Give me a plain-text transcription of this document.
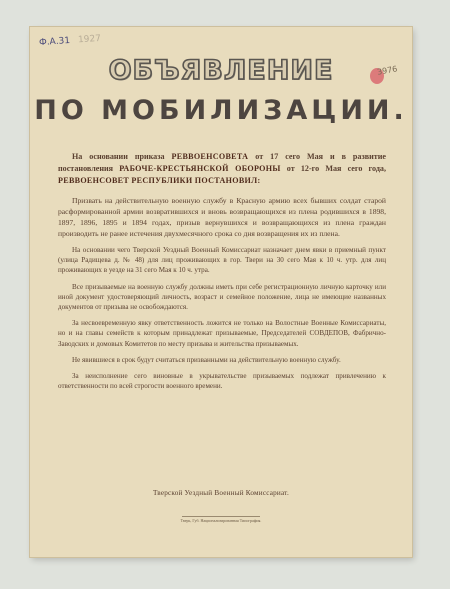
Ф.А.31 1927
3976
ОБЪЯВЛЕНИЕ
ПО МОБИЛИЗАЦИИ.

На основании приказа РЕВВОЕНСОВЕТА от 17 сего Мая и в развитие постановления РАБОЧЕ-КРЕСТЬЯНСКОЙ ОБОРОНЫ от 12-го Мая сего года, РЕВВОЕНСОВЕТ РЕСПУБЛИКИ ПОСТАНОВИЛ:

Призвать на действительную военную службу в Красную армию всех бывших солдат старой расформированной армии возвратившихся и вновь возвращающихся из плена родившихся в 1898, 1897, 1896, 1895 и 1894 годах, призыв вернувшихся и возвращающихся из плена граждан производить не ранее истечения двухмесячного срока со дня возвращения их из плена.

На основании чего Тверской Уездный Военный Комиссариат назначает днем явки в приемный пункт (улица Радищева д. № 48) для лиц проживающих в гор. Твери на 30 сего Мая к 10 ч. утр. для лиц проживающих в уезде на 31 сего Мая к 10 ч. утра.

Все призываемые на военную службу должны иметь при себе регистрационную личную карточку или иной документ удостоверяющий личность, возраст и семейное положение, лица не имеющие названных документов от призыва не освобождаются.

За несвоевременную явку ответственность ложится не только на Волостные Военные Комиссариаты, но и на главы семейств к которым принадлежат призываемые, Председателей СОВДЕПОВ, Фабрично-Заводских и домовых Комитетов по месту призыва и жительства призываемых.

Не явившиеся в срок будут считаться призванными на действительную военную службу.

За неисполнение сего виновные в укрывательстве призываемых подлежат привлечению к ответственности по всей строгости военного времени.

Тверской Уездный Военный Комиссариат.
Тверь, Губ. Национализированная Типография.
